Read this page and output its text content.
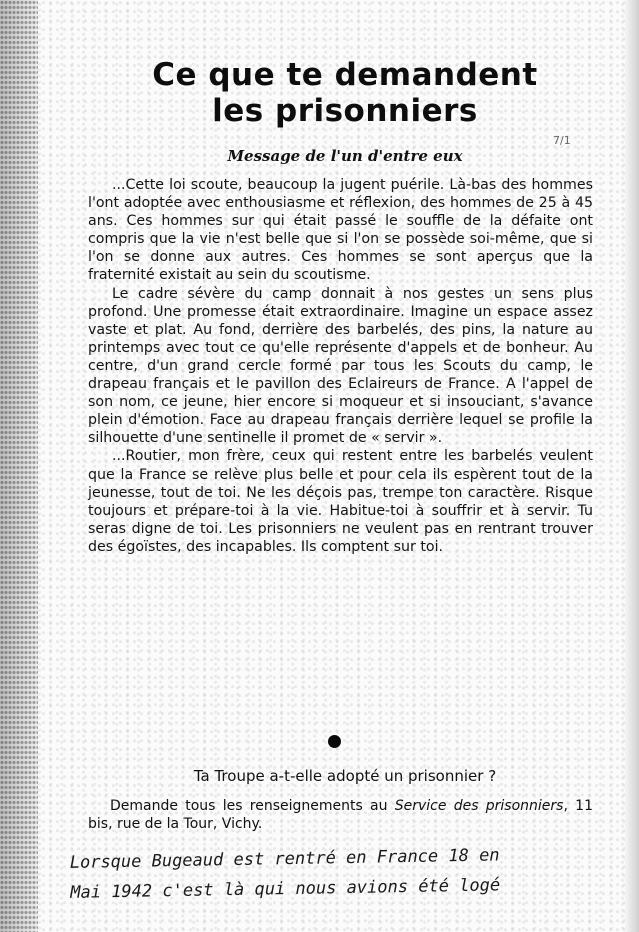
Ce que te demandent
les prisonniers
7/1
Message de l'un d'entre eux

...Cette loi scoute, beaucoup la jugent puérile. Là-bas des hommes l'ont adoptée avec enthousiasme et réflexion, des hommes de 25 à 45 ans. Ces hommes sur qui était passé le souffle de la défaite ont compris que la vie n'est belle que si l'on se possède soi-même, que si l'on se donne aux autres. Ces hommes se sont aperçus que la fraternité existait au sein du scoutisme.

Le cadre sévère du camp donnait à nos gestes un sens plus profond. Une promesse était extraordinaire. Imagine un espace assez vaste et plat. Au fond, derrière des barbelés, des pins, la nature au printemps avec tout ce qu'elle représente d'appels et de bonheur. Au centre, d'un grand cercle formé par tous les Scouts du camp, le drapeau français et le pavillon des Eclaireurs de France. A l'appel de son nom, ce jeune, hier encore si moqueur et si insouciant, s'avance plein d'émotion. Face au drapeau français derrière lequel se profile la silhouette d'une sentinelle il promet de « servir ».

...Routier, mon frère, ceux qui restent entre les barbelés veulent que la France se relève plus belle et pour cela ils espèrent tout de la jeunesse, tout de toi. Ne les déçois pas, trempe ton caractère. Risque toujours et prépare-toi à la vie. Habitue-toi à souffrir et à servir. Tu seras digne de toi. Les prisonniers ne veulent pas en rentrant trouver des égoïstes, des incapables. Ils comptent sur toi.

Ta Troupe a-t-elle adopté un prisonnier ?

Demande tous les renseignements au Service des prisonniers, 11 bis, rue de la Tour, Vichy.

Lorsque Bugeaud est rentré en France 18 en
Mai 1942 c'est là qui nous avions été logé
